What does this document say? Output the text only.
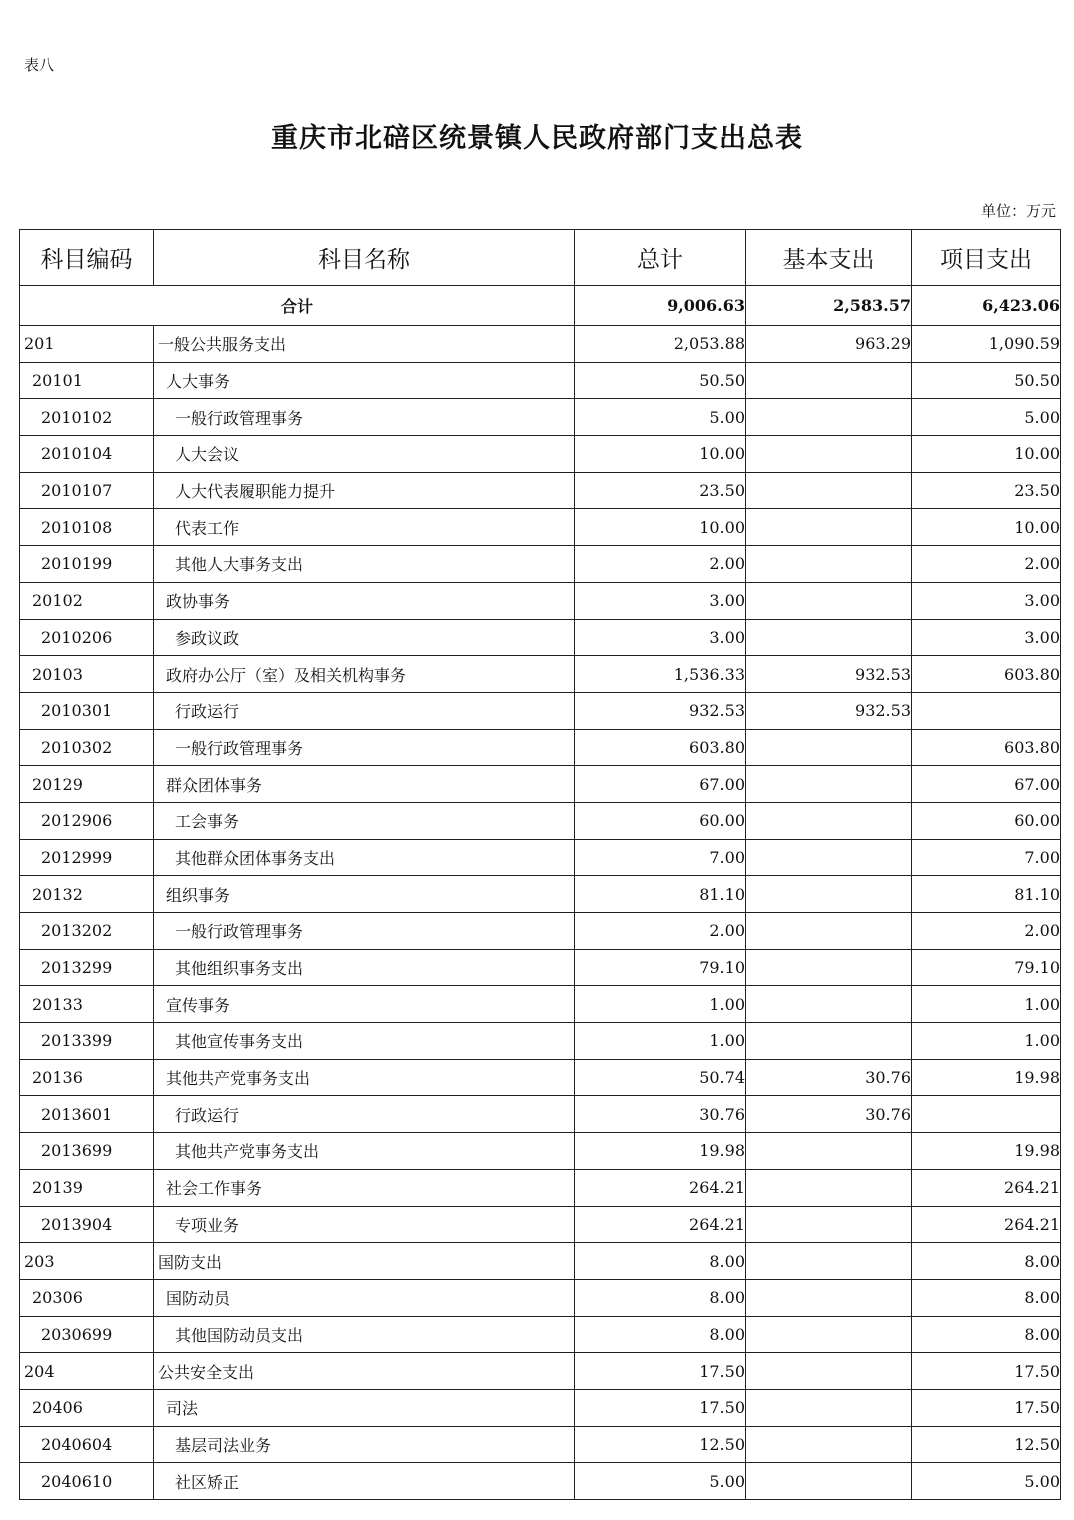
表八
重庆市北碚区统景镇人民政府部门支出总表
单位：万元
科目编码	科目名称	总计	基本支出	项目支出
合计		9,006.63	2,583.57	6,423.06
201	一般公共服务支出	2,053.88	963.29	1,090.59
20101	人大事务	50.50		50.50
2010102	一般行政管理事务	5.00		5.00
2010104	人大会议	10.00		10.00
2010107	人大代表履职能力提升	23.50		23.50
2010108	代表工作	10.00		10.00
2010199	其他人大事务支出	2.00		2.00
20102	政协事务	3.00		3.00
2010206	参政议政	3.00		3.00
20103	政府办公厅（室）及相关机构事务	1,536.33	932.53	603.80
2010301	行政运行	932.53	932.53	
2010302	一般行政管理事务	603.80		603.80
20129	群众团体事务	67.00		67.00
2012906	工会事务	60.00		60.00
2012999	其他群众团体事务支出	7.00		7.00
20132	组织事务	81.10		81.10
2013202	一般行政管理事务	2.00		2.00
2013299	其他组织事务支出	79.10		79.10
20133	宣传事务	1.00		1.00
2013399	其他宣传事务支出	1.00		1.00
20136	其他共产党事务支出	50.74	30.76	19.98
2013601	行政运行	30.76	30.76	
2013699	其他共产党事务支出	19.98		19.98
20139	社会工作事务	264.21		264.21
2013904	专项业务	264.21		264.21
203	国防支出	8.00		8.00
20306	国防动员	8.00		8.00
2030699	其他国防动员支出	8.00		8.00
204	公共安全支出	17.50		17.50
20406	司法	17.50		17.50
2040604	基层司法业务	12.50		12.50
2040610	社区矫正	5.00		5.00
